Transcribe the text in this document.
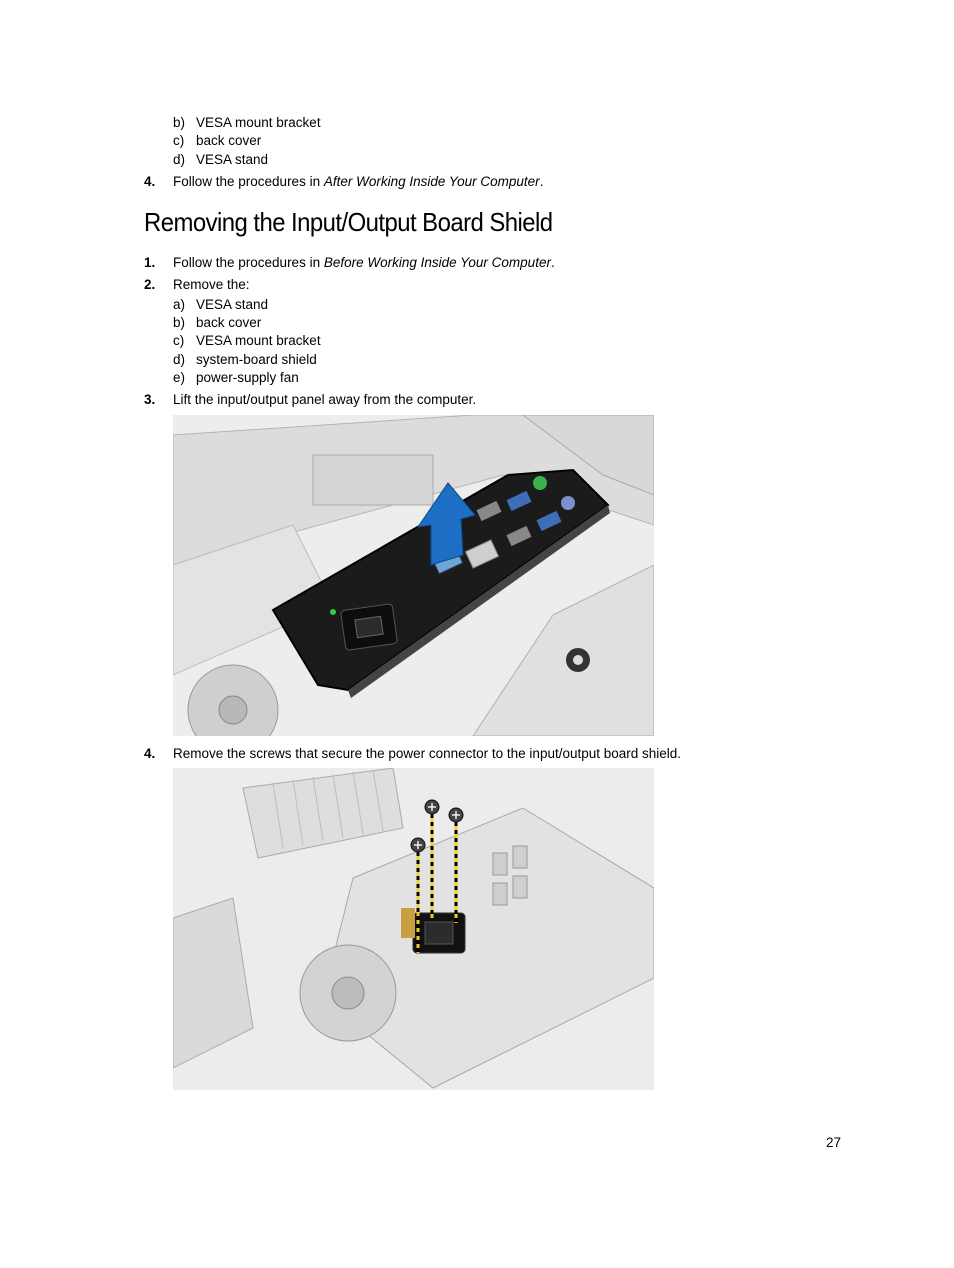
b) VESA mount bracket
c) back cover
d) VESA stand
4. Follow the procedures in After Working Inside Your Computer.
Removing the Input/Output Board Shield
1. Follow the procedures in Before Working Inside Your Computer.
2. Remove the:
a) VESA stand
b) back cover
c) VESA mount bracket
d) system-board shield
e) power-supply fan
3. Lift the input/output panel away from the computer.
4. Remove the screws that secure the power connector to the input/output board shield.
27
